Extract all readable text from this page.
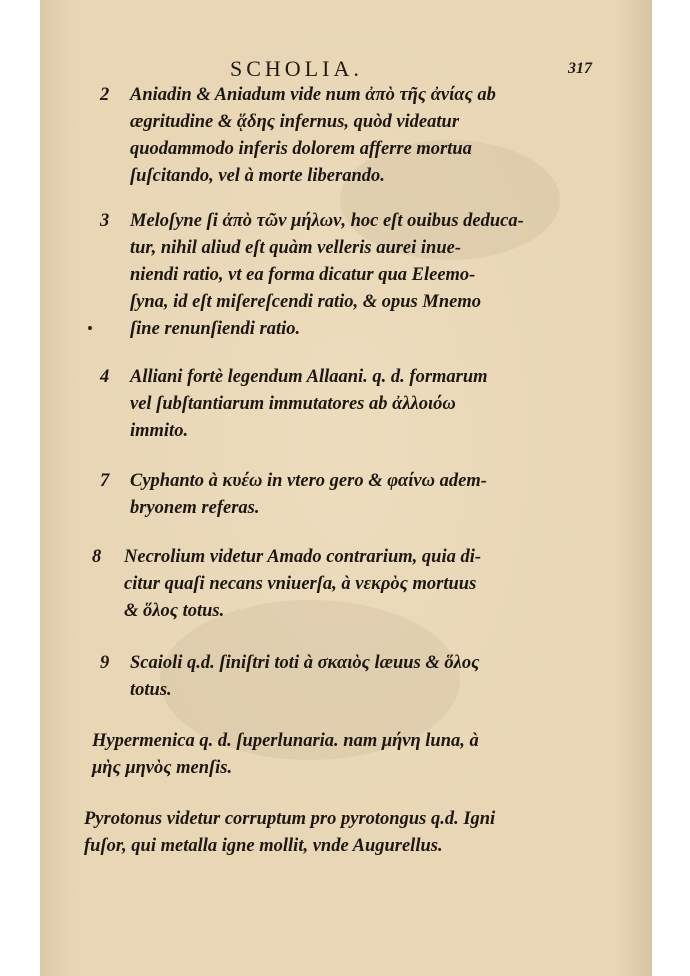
SCHOLIA.	317
2 Aniadin & Aniadum vide num ἀπὸ τῆς ἀνίας ab
ægritudine & ᾅδης infernus, quòd videatur
quodammodo inferis dolorem afferre mortua
ſuſcitando, vel à morte liberando.

3 Meloſyne ſi ἀπὸ τῶν μήλων, hoc eſt ouibus deduca-
tur, nihil aliud eſt quàm velleris aurei inue-
niendi ratio, vt ea forma dicatur qua Eleemo-
ſyna, id eſt miſereſcendi ratio, & opus Mnemo
ſine renunſiendi ratio.

4 Alliani fortè legendum Allaani. q. d. formarum
vel ſubſtantiarum immutatores ab ἀλλοιόω
immito.

7 Cyphanto à κυέω in vtero gero & φαίνω adem-
bryonem referas.

8 Necrolium videtur Amado contrarium, quia di-
citur quaſi necans vniuerſa, à νεκρὸς mortuus
& ὅλος totus.

9 Scaioli q.d. ſiniſtri toti à σκαιὸς læuus & ὅλος
totus.

Hypermenica q. d. ſuperlunaria. nam μήνη luna, à
μὴς μηνὸς menſis.

Pyrotonus videtur corruptum pro pyrotongus q.d. Igni
fuſor, qui metalla igne mollit, vnde Augurellus.
